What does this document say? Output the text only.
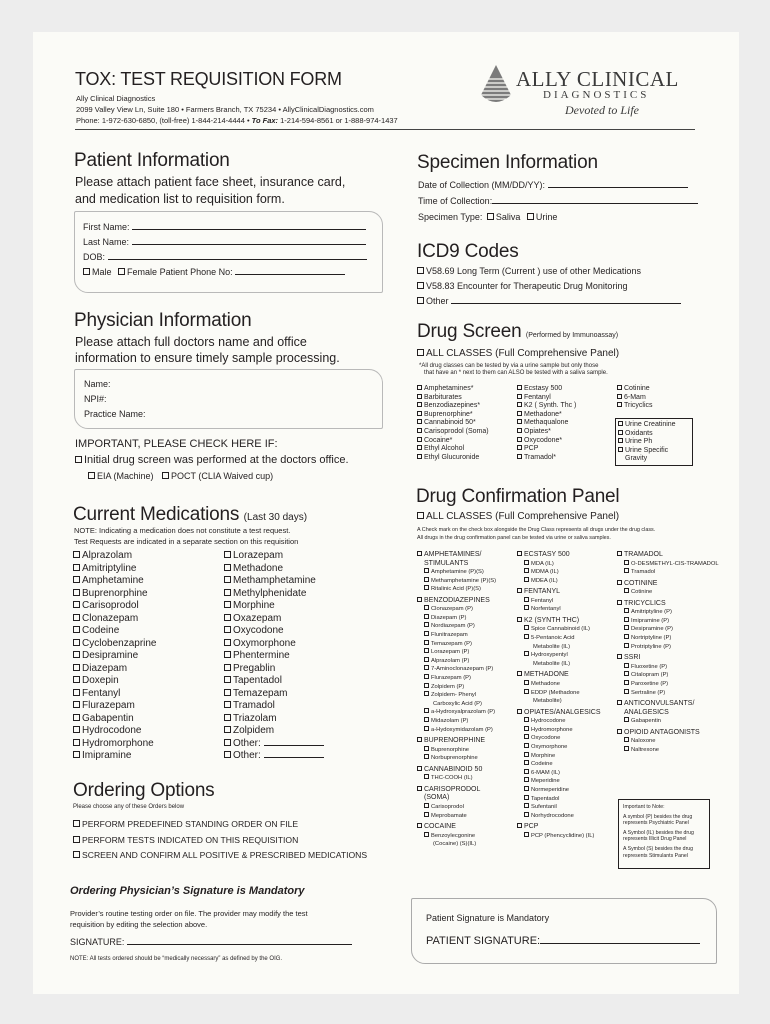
TOX: TEST REQUISITION FORM
Ally Clinical Diagnostics
2099 Valley View Ln, Suite 180 • Farmers Branch, TX 75234 • AllyClinicalDiagnostics.com
Phone: 1-972-630-6850, (toll-free) 1-844-214-4444 • To Fax: 1-214-594-8561 or 1-888-974-1437
ALLY CLINICAL
DIAGNOSTICS
Devoted to Life
Patient Information
Please attach patient face sheet, insurance card,
and medication list to requisition form.
First Name:
Last Name:
DOB:
Male Female Patient Phone No:
Physician Information
Please attach full doctors name and office
information to ensure timely sample processing.
Name:
NPI#:
Practice Name:
IMPORTANT, PLEASE CHECK HERE IF:
Initial drug screen was performed at the doctors office.
EIA (Machine) POCT (CLIA Waived cup)
Specimen Information
Date of Collection (MM/DD/YY):
Time of Collection:
Specimen Type: Saliva Urine
ICD9 Codes
V58.69 Long Term (Current ) use of other Medications
V58.83 Encounter for Therapeutic Drug Monitoring
Other
Drug Screen (Performed by Immunoassay)
ALL CLASSES (Full Comprehensive Panel)
*All drug classes can be tested by via a urine sample but only those
that have an * next to them can ALSO be tested with a saliva sample.
Amphetamines*
Barbiturates
Benzodiazepines*
Buprenorphine*
Cannabinoid 50*
Carisoprodol (Soma)
Cocaine*
Ethyl Alcohol
Ethyl Glucuronide
Ecstasy 500
Fentanyl
K2 ( Synth. Thc )
Methadone*
Methaqualone
Opiates*
Oxycodone*
PCP
Tramadol*
Cotinine
6-Mam
Tricyclics
Urine Creatinine
Oxidants
Urine Ph
Urine Specific
Gravity
Current Medications (Last 30 days)
NOTE: Indicating a medication does not constitute a test request.
Test Requests are indicated in a separate section on this requisition
Alprazolam
Amitriptyline
Amphetamine
Buprenorphine
Carisoprodol
Clonazepam
Codeine
Cyclobenzaprine
Desipramine
Diazepam
Doxepin
Fentanyl
Flurazepam
Gabapentin
Hydrocodone
Hydromorphone
Imipramine
Lorazepam
Methadone
Methamphetamine
Methylphenidate
Morphine
Oxazepam
Oxycodone
Oxymorphone
Phentermine
Pregablin
Tapentadol
Temazepam
Tramadol
Triazolam
Zolpidem
Other:
Other:
Ordering Options
Please choose any of these Orders below
PERFORM PREDEFINED STANDING ORDER ON FILE
PERFORM TESTS INDICATED ON THIS REQUISITION
SCREEN AND CONFIRM ALL POSITIVE & PRESCRIBED MEDICATIONS
Drug Confirmation Panel
ALL CLASSES (Full Comprehensive Panel)
A Check mark on the check box alongside the Drug Class represents all drugs under the drug class.
All drugs in the drug confirmation panel can be tested via urine or saliva samples.
AMPHETAMINES/
STIMULANTS
Amphetamine (P)(S)
Methamphetamine (P)(S)
Ritalinic Acid (P)(S)
BENZODIAZEPINES
Clonazepam (P)
Diazepam (P)
Nordiazepam (P)
Flunitrazepam
Temazepam (P)
Lorazepam (P)
Alprazolam (P)
7-Aminoclonazepam (P)
Flurazepam (P)
Zolpidem (P)
Zolpidem- Phenyl
Carboxylic Acid (P)
a-Hydroxyalprazolam (P)
Midazolam (P)
a-Hydoxymidazolam (P)
BUPRENORPHINE
Buprenorphine
Norbuprenorphine
CANNABINOID 50
THC-COOH (IL)
CARISOPRODOL
(SOMA)
Carisoprodol
Meprobamate
COCAINE
Benzoylecgonine
(Cocaine) (S)(IL)
ECSTASY 500
MDA (IL)
MDMA (IL)
MDEA (IL)
FENTANYL
Fentanyl
Norfentanyl
K2 (SYNTH THC)
Spice Cannabinoid (IL)
5-Pentanoic Acid
Metabolite (IL)
Hydroxypentyl
Metabolite (IL)
METHADONE
Methadone
EDDP (Methadone
Metabolite)
OPIATES/ANALGESICS
Hydrocodone
Hydromorphone
Oxycodone
Oxymorphone
Morphine
Codeine
6-MAM (IL)
Meperidine
Normeperidine
Tapentadol
Sufentanil
Norhydrocodone
PCP
PCP (Phencyclidine) (IL)
TRAMADOL
O-DESMETHYL-CIS-TRAMADOL
Tramadol
COTININE
Cotinine
TRICYCLICS
Amitriptyline (P)
Imipramine (P)
Desipramine (P)
Nortriptyline (P)
Protriptyline (P)
SSRI
Fluoxetine (P)
Citalopram (P)
Paroxetine (P)
Sertraline (P)
ANTICONVULSANTS/
ANALGESICS
Gabapentin
OPIOID ANTAGONISTS
Naloxone
Naltrexone
Important to Note:
A symbol (P) besides the drug represents Psychiatric Panel
A Symbol (IL) besides the drug represents Illicit Drug Panel
A Symbol (S) besides the drug represents Stimulants Panel
Ordering Physician’s Signature is Mandatory
Provider’s routine testing order on file. The provider may modify the test
requisition by editing the selection above.
SIGNATURE:
NOTE: All tests ordered should be “medically necessary” as defined by the OIG.
Patient Signature is Mandatory
PATIENT SIGNATURE:
